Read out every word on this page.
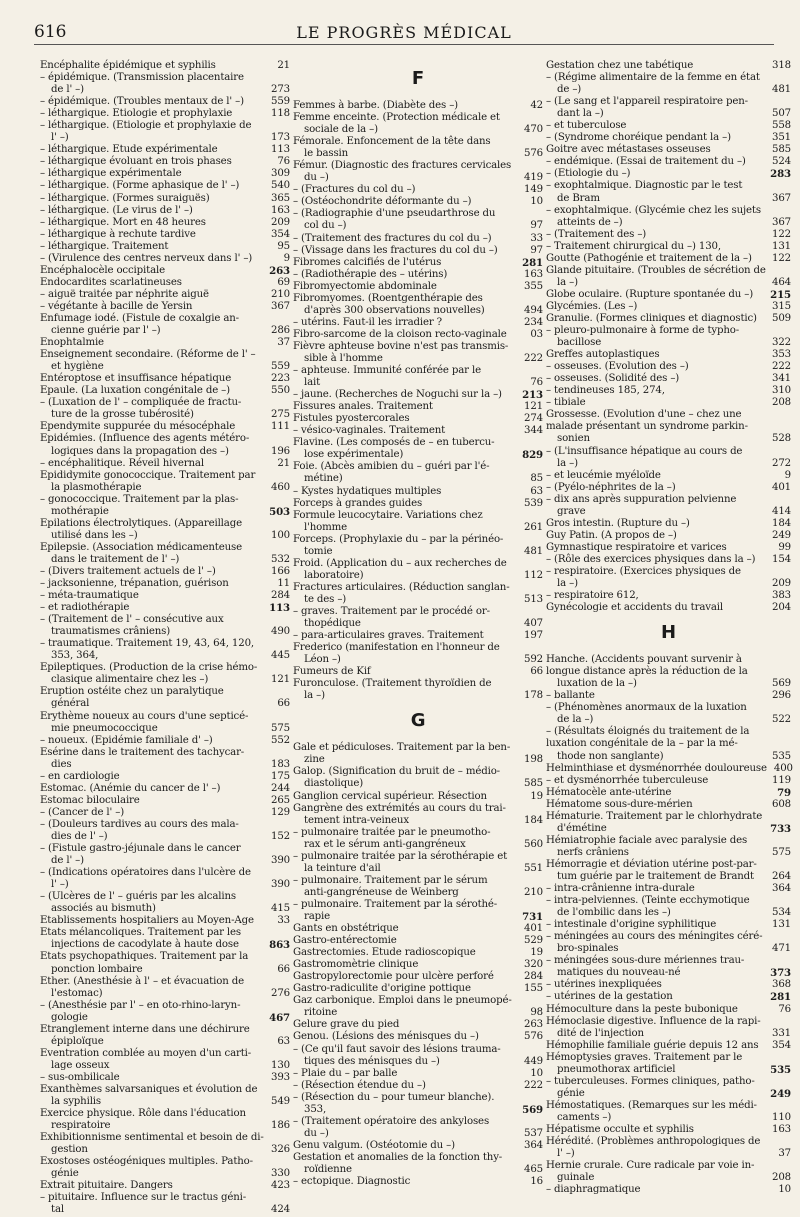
616	LE PROGRÈS MÉDICAL
Encéphalite épidémique et syphilis	21
– épidémique. (Transmission placentaire
de l' –)	273
– épidémique. (Troubles mentaux de l' –)	559
– léthargique. Etiologie et prophylaxie	118
– léthargique. (Etiologie et prophylaxie de
l' –)	173
– léthargique. Etude expérimentale	113
– léthargique évoluant en trois phases	76
– léthargique expérimentale	309
– léthargique. (Forme aphasique de l' –)	540
– léthargique. (Formes suraiguës)	365
– léthargique. (Le virus de l' –)	163
– léthargique. Mort en 48 heures	209
– léthargique à rechute tardive	354
– léthargique. Traitement	95
– (Virulence des centres nerveux dans l' –)	9
Encéphalocèle occipitale	263
Endocardites scarlatineuses	69
– aiguë traitée par néphrite aiguë	210
– végétante à bacille de Yersin	367
Enfumage iodé. (Fistule de coxalgie an-
cienne guérie par l' –)	286
Enophtalmie	37
Enseignement secondaire. (Réforme de l' –
et hygiène	559
Entéroptose et insuffisance hépatique	223
Epaule. (La luxation congénitale de –)	550
– (Luxation de l' – compliquée de fractu-
ture de la grosse tubérosité)	275
Ependymite suppurée du mésocéphale	111
Epidémies. (Influence des agents météro-
logiques dans la propagation des –)	196
– encéphalitique. Réveil hivernal	21
Epididymite gonococcique. Traitement par
la plasmothérapie	460
– gonococcique. Traitement par la plas-
mothérapie	503
Epilations électrolytiques. (Appareillage
utilisé dans les –)	100
Epilepsie. (Association médicamenteuse
dans le traitement de l' –)	532
– (Divers traitement actuels de l' –)	166
– jacksonienne, trépanation, guérison	11
– méta-traumatique	284
– et radiothérapie	113
– (Traitement de l' – consécutive aux
traumatismes crâniens)	490
– traumatique. Traitement 19, 43, 64, 120,
353, 364,	445
Epileptiques. (Production de la crise hémo-
clasique alimentaire chez les –)	121
Eruption ostéite chez un paralytique
général	66
Erythème noueux au cours d'une septicé-
mie pneumococcique	575
– noueux. (Epidémie familiale d' –)	552
Esérine dans le traitement des tachycar-
dies	183
– en cardiologie	175
Estomac. (Anémie du cancer de l' –)	244
Estomac biloculaire	265
– (Cancer de l' –)	129
– (Douleurs tardives au cours des mala-
dies de l' –)	152
– (Fistule gastro-jéjunale dans le cancer
de l' –)	390
– (Indications opératoires dans l'ulcère de
l' –)	390
– (Ulcères de l' – guéris par les alcalins
associés au bismuth)	415
Etablissements hospitaliers au Moyen-Age	33
Etats mélancoliques. Traitement par les
injections de cacodylate à haute dose	863
Etats psychopathiques. Traitement par la
ponction lombaire	66
Ether. (Anesthésie à l' – et évacuation de
l'estomac)	276
– (Anesthésie par l' – en oto-rhino-laryn-
gologie	467
Etranglement interne dans une déchirure
épiploïque	63
Eventration comblée au moyen d'un carti-
lage osseux	130
– sus-ombilicale	393
Exanthèmes salvarsaniques et évolution de
la syphilis	549
Exercice physique. Rôle dans l'éducation
respiratoire	186
Exhibitionnisme sentimental et besoin de di-
gestion	326
Exostoses ostéogéniques multiples. Patho-
génie	330
Extrait pituitaire. Dangers	423
– pituitaire. Influence sur le tractus géni-
tal	424
F
Femmes à barbe. (Diabète des –)	42
Femme enceinte. (Protection médicale et
sociale de la –)	470
Fémorale. Enfoncement de la tête dans
le bassin	576
Fémur. (Diagnostic des fractures cervicales
du –)	419
– (Fractures du col du –)	149
– (Ostéochondrite déformante du –)	10
– (Radiographie d'une pseudarthrose du
col du –)	97
– (Traitement des fractures du col du –)	33
– (Vissage dans les fractures du col du –)	97
Fibromes calcifiés de l'utérus	281
– (Radiothérapie des – utérins)	163
Fibromyectomie abdominale	355
Fibromyomes. (Roentgenthérapie des
d'après 300 observations nouvelles)	494
– utérins. Faut-il les irradier ?	234
Fibro-sarcome de la cloison recto-vaginale	03
Fièvre aphteuse bovine n'est pas transmis-
sible à l'homme	222
– aphteuse. Immunité conférée par le
lait	76
– jaune. (Recherches de Noguchi sur la –)	213
Fissures anales. Traitement	121
Fistules pyostercorales	274
– vésico-vaginales. Traitement	344
Flavine. (Les composés de – en tubercu-
lose expérimentale)	829
Foie. (Abcès amibien du – guéri par l'é-
métine)	85
– Kystes hydatiques multiples	63
Forceps à grandes guides	539
Formule leucocytaire. Variations chez
l'homme	261
Forceps. (Prophylaxie du – par la périnéo-
tomie	481
Froid. (Application du – aux recherches de
laboratoire)	112
Fractures articulaires. (Réduction sanglan-
te des –)	513
– graves. Traitement par le procédé or-
thopédique	407
– para-articulaires graves. Traitement	197
Frederico (manifestation en l'honneur de
Léon –)	592
Fumeurs de Kif	66
Furonculose. (Traitement thyroïdien de
la –)	178
G
Gale et pédiculoses. Traitement par la ben-
zine	198
Galop. (Signification du bruit de – médio-
diastolique)	585
Ganglion cervical supérieur. Résection	19
Gangrène des extrémités au cours du trai-
tement intra-veineux	184
– pulmonaire traitée par le pneumotho-
rax et le sérum anti-gangréneux	560
– pulmonaire traitée par la sérothérapie et
la teinture d'ail	551
– pulmonaire. Traitement par le sérum
anti-gangréneuse de Weinberg	210
– pulmonaire. Traitement par la sérothé-
rapie	731
Gants en obstétrique	401
Gastro-entérectomie	529
Gastrectomies. Etude radioscopique	19
Gastromomètrie clinique	320
Gastropylorectomie pour ulcère perforé	284
Gastro-radiculite d'origine pottique	155
Gaz carbonique. Emploi dans le pneumopé-
ritoine	98
Gelure grave du pied	263
Genou. (Lésions des ménisques du –)	576
– (Ce qu'il faut savoir des lésions trauma-
tiques des ménisques du –)	449
– Plaie du – par balle	10
– (Résection étendue du –)	222
– (Résection du – pour tumeur blanche).
353,	569
– (Traitement opératoire des ankyloses
du –)	537
Genu valgum. (Ostéotomie du –)	364
Gestation et anomalies de la fonction thy-
roïdienne	465
– ectopique. Diagnostic	16
Gestation chez une tabétique	318
– (Régime alimentaire de la femme en état
de –)	481
– (Le sang et l'appareil respiratoire pen-
dant la –)	507
– et tuberculose	558
– (Syndrome choréique pendant la –)	351
Goitre avec métastases osseuses	585
– endémique. (Essai de traitement du –)	524
– (Etiologie du –)	283
– exophtalmique. Diagnostic par le test
de Bram	367
– exophtalmique. (Glycémie chez les sujets
atteints de –)	367
– (Traitement des –)	122
– Traitement chirurgical du –) 130,	131
Goutte (Pathogénie et traitement de la –)	122
Glande pituitaire. (Troubles de sécrétion de
la –)	464
Globe oculaire. (Rupture spontanée du –)	215
Glycémies. (Les –)	315
Granulie. (Formes cliniques et diagnostic)	509
– pleuro-pulmonaire à forme de typho-
bacillose	322
Greffes autoplastiques	353
– osseuses. (Evolution des –)	222
– osseuses. (Solidité des –)	341
– tendineuses 185, 274,	310
– tibiale	208
Grossesse. (Evolution d'une – chez une
malade présentant un syndrome parkin-
sonien	528
– (L'insuffisance hépatique au cours de
la –)	272
– et leucémie myéloïde	9
– (Pyélo-néphrites de la –)	401
– dix ans après suppuration pelvienne
grave	414
Gros intestin. (Rupture du –)	184
Guy Patin. (A propos de –)	249
Gymnastique respiratoire et varices	99
– (Rôle des exercices physiques dans la –)	154
– respiratoire. (Exercices physiques de
la –)	209
– respiratoire 612,	383
Gynécologie et accidents du travail	204
H
Hanche. (Accidents pouvant survenir à
longue distance après la réduction de la
luxation de la –)	569
– ballante	296
– (Phénomènes anormaux de la luxation
de la –)	522
– (Résultats éloignés du traitement de la
luxation congénitale de la – par la mé-
thode non sanglante)	535
Helminthiase et dysménorrhée douloureuse 400
– et dysménorrhée tuberculeuse	119
Hématocèle ante-utérine	79
Hématome sous-dure-mérien	608
Hématurie. Traitement par le chlorhydrate
d'émétine	733
Hémiatrophie faciale avec paralysie des
nerfs crâniens	575
Hémorragie et déviation utérine post-par-
tum guérie par le traitement de Brandt	264
– intra-crânienne intra-durale	364
– intra-pelviennes. (Teinte ecchymotique
de l'ombilic dans les –)	534
– intestinale d'origine syphilitique	131
– méningées au cours des méningites céré-
bro-spinales	471
– méningées sous-dure mériennes trau-
matiques du nouveau-né	373
– utérines inexpliquées	368
– utérines de la gestation	281
Hémoculture dans la peste bubonique	76
Hémoclasie digestive. Influence de la rapi-
dité de l'injection	331
Hémophilie familiale guérie depuis 12 ans	354
Hémoptysies graves. Traitement par le
pneumothorax artificiel	535
– tuberculeuses. Formes cliniques, patho-
génie	249
Hémostatiques. (Remarques sur les médi-
caments –)	110
Hépatisme occulte et syphilis	163
Hérédité. (Problèmes anthropologiques de
l' –)	37
Hernie crurale. Cure radicale par voie in-
guinale	208
– diaphragmatique	10
